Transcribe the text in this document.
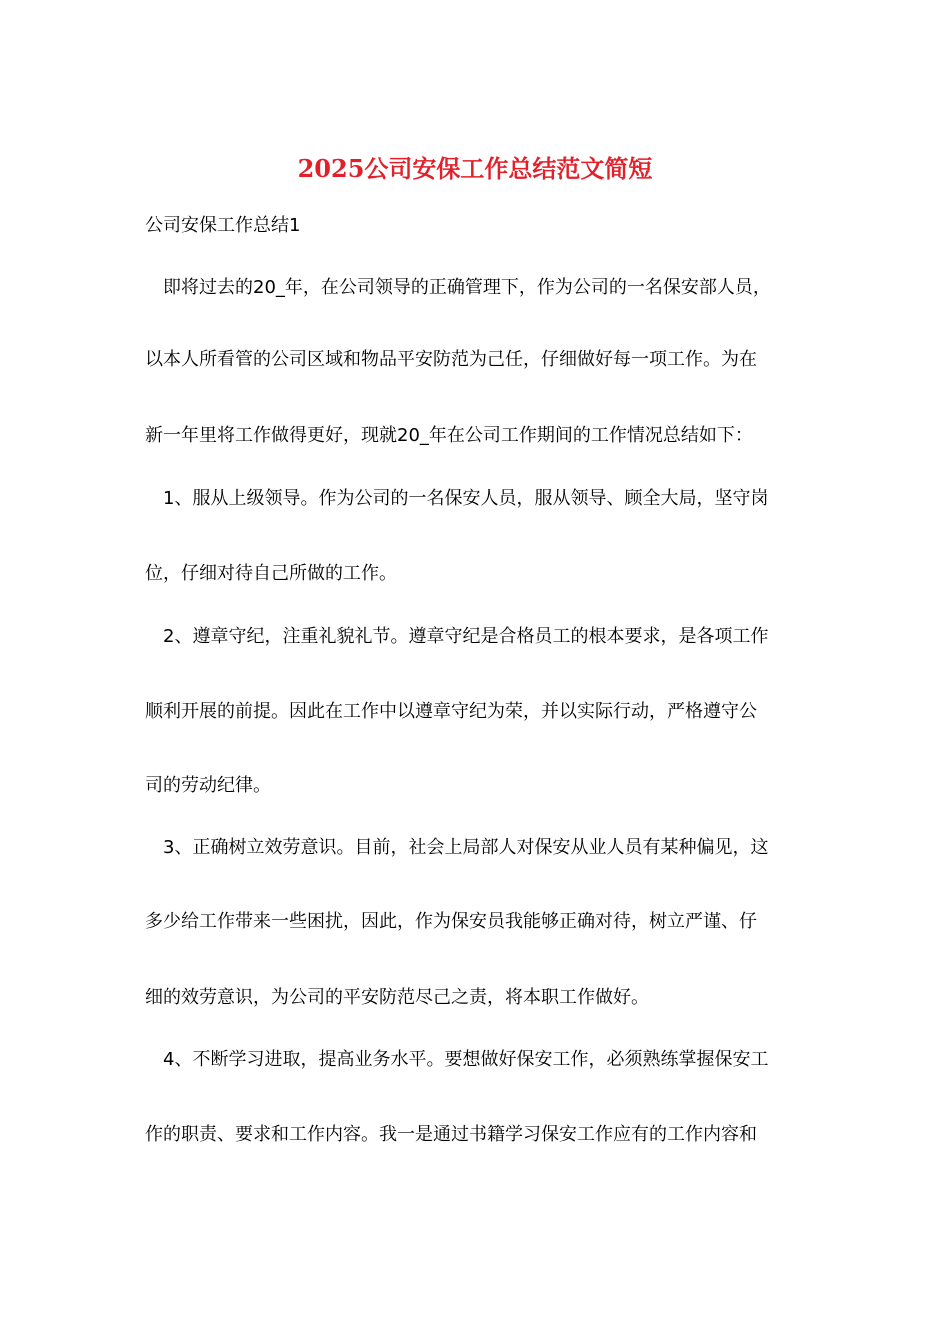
2025公司安保工作总结范文简短
公司安保工作总结1
即将过去的20_年，在公司领导的正确管理下，作为公司的一名保安部人员，
以本人所看管的公司区域和物品平安防范为己任，仔细做好每一项工作。为在
新一年里将工作做得更好，现就20_年在公司工作期间的工作情况总结如下：
1、服从上级领导。作为公司的一名保安人员，服从领导、顾全大局，坚守岗
位，仔细对待自己所做的工作。
2、遵章守纪，注重礼貌礼节。遵章守纪是合格员工的根本要求，是各项工作
顺利开展的前提。因此在工作中以遵章守纪为荣，并以实际行动，严格遵守公
司的劳动纪律。
3、正确树立效劳意识。目前，社会上局部人对保安从业人员有某种偏见，这
多少给工作带来一些困扰，因此，作为保安员我能够正确对待，树立严谨、仔
细的效劳意识，为公司的平安防范尽己之责，将本职工作做好。
4、不断学习进取，提高业务水平。要想做好保安工作，必须熟练掌握保安工
作的职责、要求和工作内容。我一是通过书籍学习保安工作应有的工作内容和
